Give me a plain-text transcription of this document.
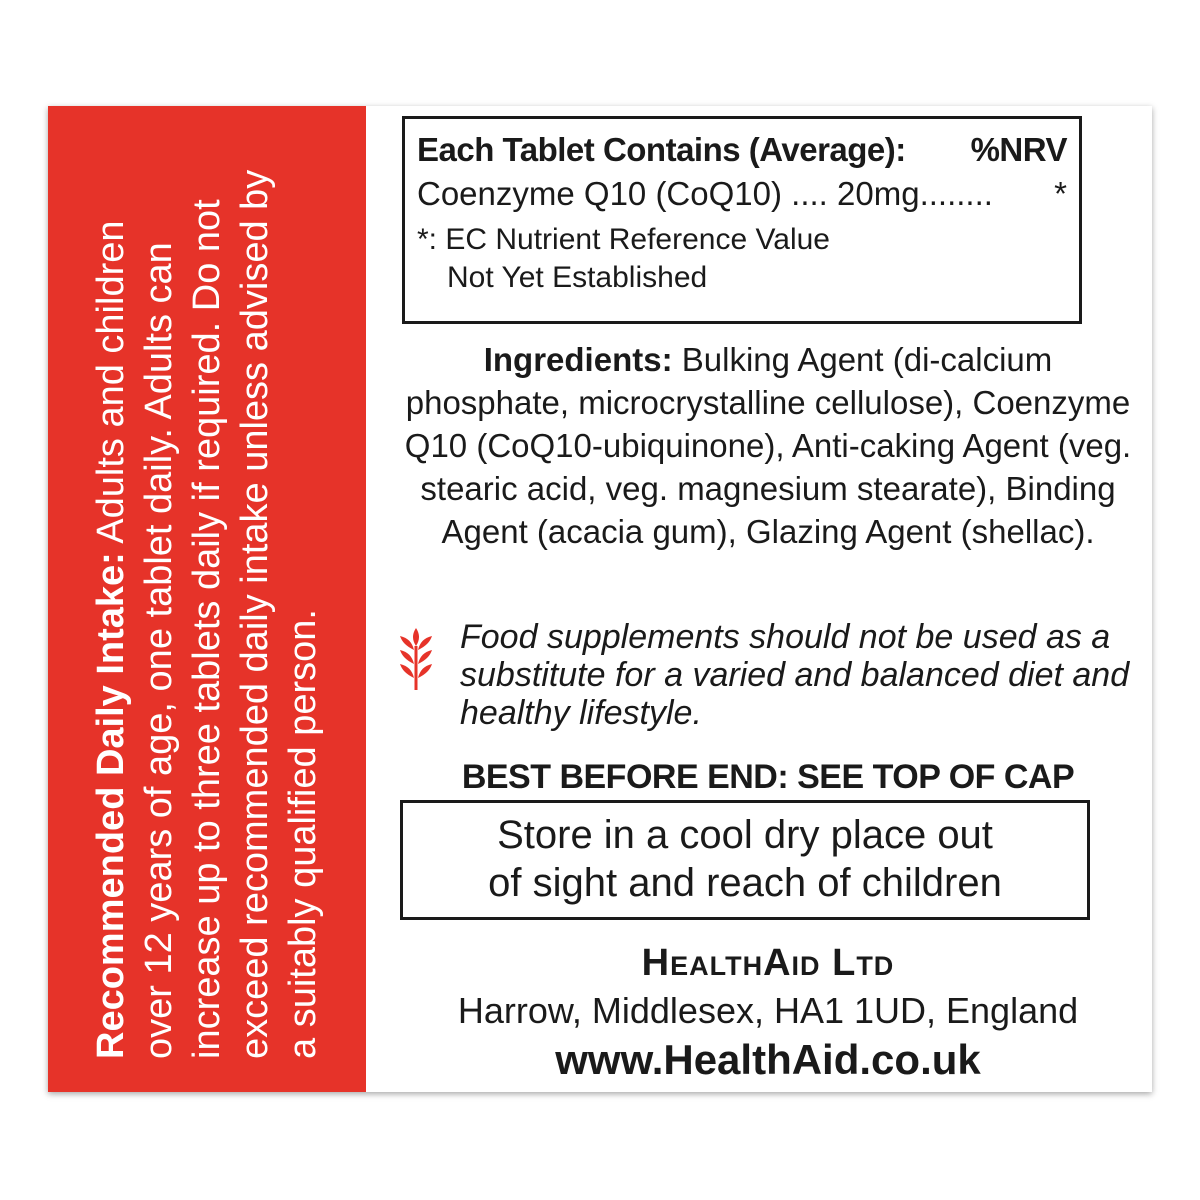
Recommended Daily Intake: Adults and children over 12 years of age, one tablet daily. Adults can increase up to three tablets daily if required. Do not exceed recommended daily intake unless advised by a suitably qualified person.
Each Tablet Contains (Average): %NRV
Coenzyme Q10 (CoQ10) .... 20mg........ *
*: EC Nutrient Reference Value
Not Yet Established
Ingredients: Bulking Agent (di-calcium phosphate, microcrystalline cellulose), Coenzyme Q10 (CoQ10-ubiquinone), Anti-caking Agent (veg. stearic acid, veg. magnesium stearate), Binding Agent (acacia gum), Glazing Agent (shellac).
Food supplements should not be used as a substitute for a varied and balanced diet and healthy lifestyle.
BEST BEFORE END: SEE TOP OF CAP
Store in a cool dry place out
of sight and reach of children
HealthAid Ltd
Harrow, Middlesex, HA1 1UD, England
www.HealthAid.co.uk
